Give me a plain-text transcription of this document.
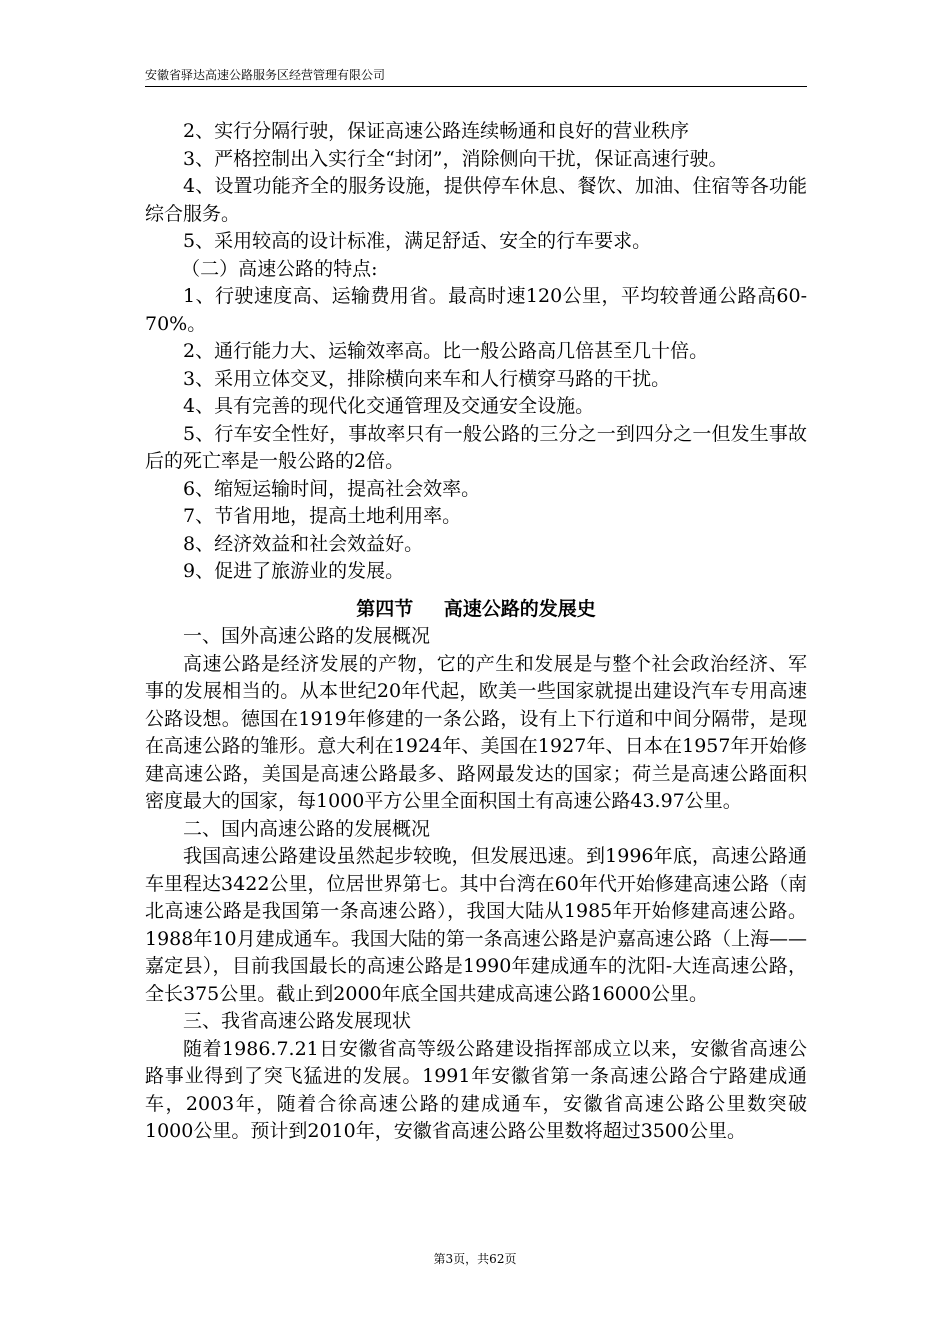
安徽省驿达高速公路服务区经营管理有限公司

2、实行分隔行驶，保证高速公路连续畅通和良好的营业秩序

3、严格控制出入实行全“封闭”，消除侧向干扰，保证高速行驶。

4、设置功能齐全的服务设施，提供停车休息、餐饮、加油、住宿等各功能综合服务。

5、采用较高的设计标准，满足舒适、安全的行车要求。

（二）高速公路的特点:

1、行驶速度高、运输费用省。最高时速120公里，平均较普通公路高60-70%。

2、通行能力大、运输效率高。比一般公路高几倍甚至几十倍。

3、采用立体交叉，排除横向来车和人行横穿马路的干扰。

4、具有完善的现代化交通管理及交通安全设施。

5、行车安全性好，事故率只有一般公路的三分之一到四分之一但发生事故后的死亡率是一般公路的2倍。

6、缩短运输时间，提高社会效率。

7、节省用地，提高土地利用率。

8、经济效益和社会效益好。

9、促进了旅游业的发展。

第四节 高速公路的发展史

一、国外高速公路的发展概况

高速公路是经济发展的产物，它的产生和发展是与整个社会政治经济、军事的发展相当的。从本世纪20年代起，欧美一些国家就提出建设汽车专用高速公路设想。德国在1919年修建的一条公路，设有上下行道和中间分隔带，是现在高速公路的雏形。意大利在1924年、美国在1927年、日本在1957年开始修建高速公路，美国是高速公路最多、路网最发达的国家；荷兰是高速公路面积密度最大的国家，每1000平方公里全面积国土有高速公路43.97公里。

二、国内高速公路的发展概况

我国高速公路建设虽然起步较晚，但发展迅速。到1996年底，高速公路通车里程达3422公里，位居世界第七。其中台湾在60年代开始修建高速公路（南北高速公路是我国第一条高速公路），我国大陆从1985年开始修建高速公路。1988年10月建成通车。我国大陆的第一条高速公路是沪嘉高速公路（上海——嘉定县），目前我国最长的高速公路是1990年建成通车的沈阳-大连高速公路，全长375公里。截止到2000年底全国共建成高速公路16000公里。

三、我省高速公路发展现状

随着1986.7.21日安徽省高等级公路建设指挥部成立以来，安徽省高速公路事业得到了突飞猛进的发展。1991年安徽省第一条高速公路合宁路建成通车，2003年，随着合徐高速公路的建成通车，安徽省高速公路公里数突破1000公里。预计到2010年，安徽省高速公路公里数将超过3500公里。

第3页，共62页
